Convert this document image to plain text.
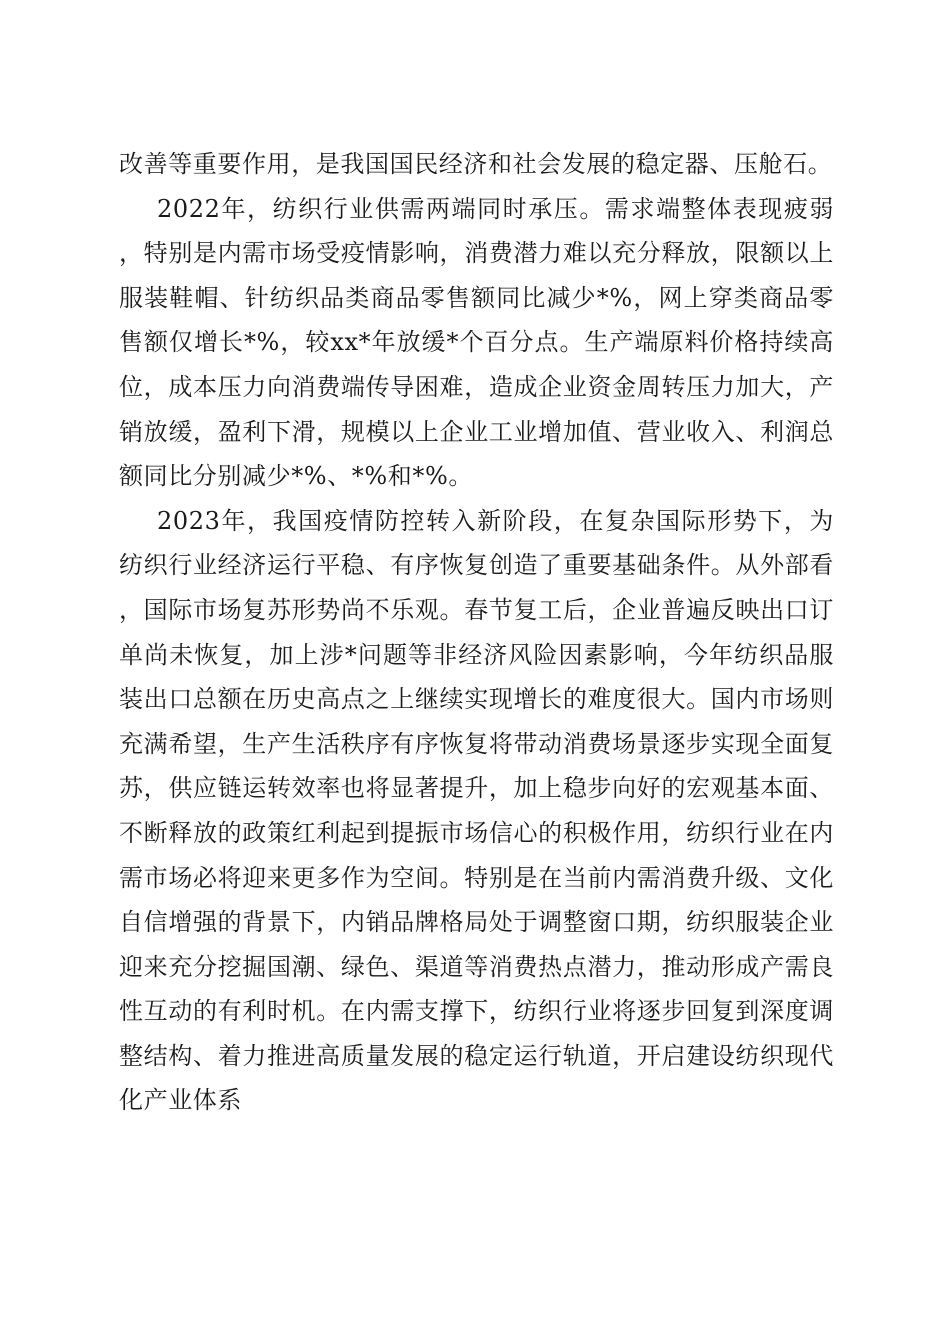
改善等重要作用，是我国国民经济和社会发展的稳定器、压舱石。

2022年，纺织行业供需两端同时承压。需求端整体表现疲弱，特别是内需市场受疫情影响，消费潜力难以充分释放，限额以上服装鞋帽、针纺织品类商品零售额同比减少*%，网上穿类商品零售额仅增长*%，较xx*年放缓*个百分点。生产端原料价格持续高位，成本压力向消费端传导困难，造成企业资金周转压力加大，产销放缓，盈利下滑，规模以上企业工业增加值、营业收入、利润总额同比分别减少*%、*%和*%。

2023年，我国疫情防控转入新阶段，在复杂国际形势下，为纺织行业经济运行平稳、有序恢复创造了重要基础条件。从外部看，国际市场复苏形势尚不乐观。春节复工后，企业普遍反映出口订单尚未恢复，加上涉*问题等非经济风险因素影响，今年纺织品服装出口总额在历史高点之上继续实现增长的难度很大。国内市场则充满希望，生产生活秩序有序恢复将带动消费场景逐步实现全面复苏，供应链运转效率也将显著提升，加上稳步向好的宏观基本面、不断释放的政策红利起到提振市场信心的积极作用，纺织行业在内需市场必将迎来更多作为空间。特别是在当前内需消费升级、文化自信增强的背景下，内销品牌格局处于调整窗口期，纺织服装企业迎来充分挖掘国潮、绿色、渠道等消费热点潜力，推动形成产需良性互动的有利时机。在内需支撑下，纺织行业将逐步回复到深度调整结构、着力推进高质量发展的稳定运行轨道，开启建设纺织现代化产业体系
